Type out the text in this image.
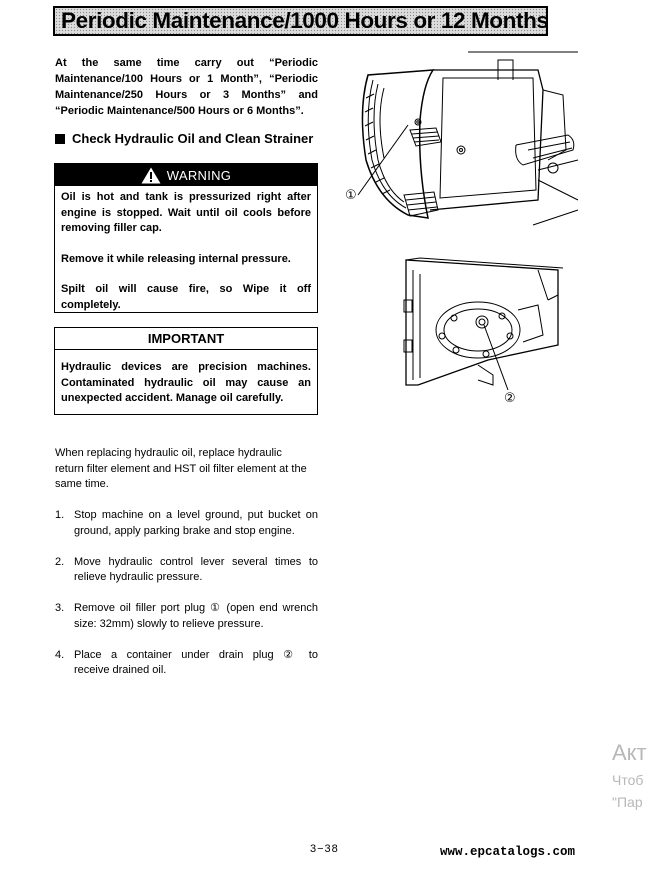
Periodic Maintenance/1000 Hours or 12 Months
At the same time carry out “Periodic
Maintenance/100 Hours or 1 Month”, “Periodic
Maintenance/250 Hours or 3 Months” and
“Periodic Maintenance/500 Hours or 6 Months”.
Check Hydraulic Oil and Clean Strainer
WARNING
Oil is hot and tank is pressurized right after
engine is stopped. Wait until oil cools before
removing filler cap.
Remove it while releasing internal pressure.
Spilt oil will cause fire, so Wipe it off
completely.
IMPORTANT
Hydraulic devices are precision machines.
Contaminated hydraulic oil may cause an
unexpected accident. Manage oil carefully.
When replacing hydraulic oil, replace hydraulic
return filter element and HST oil filter element at the
same time.
1. Stop machine on a level ground, put bucket on
ground, apply parking brake and stop engine.
2. Move hydraulic control lever several times to
relieve hydraulic pressure.
3. Remove oil filler port plug ① (open end wrench
size: 32mm) slowly to relieve pressure.
4. Place a container under drain plug ② to
receive drained oil.
①
②
Акт
Чтоб
"Пар
3−38	www.epcatalogs.com
